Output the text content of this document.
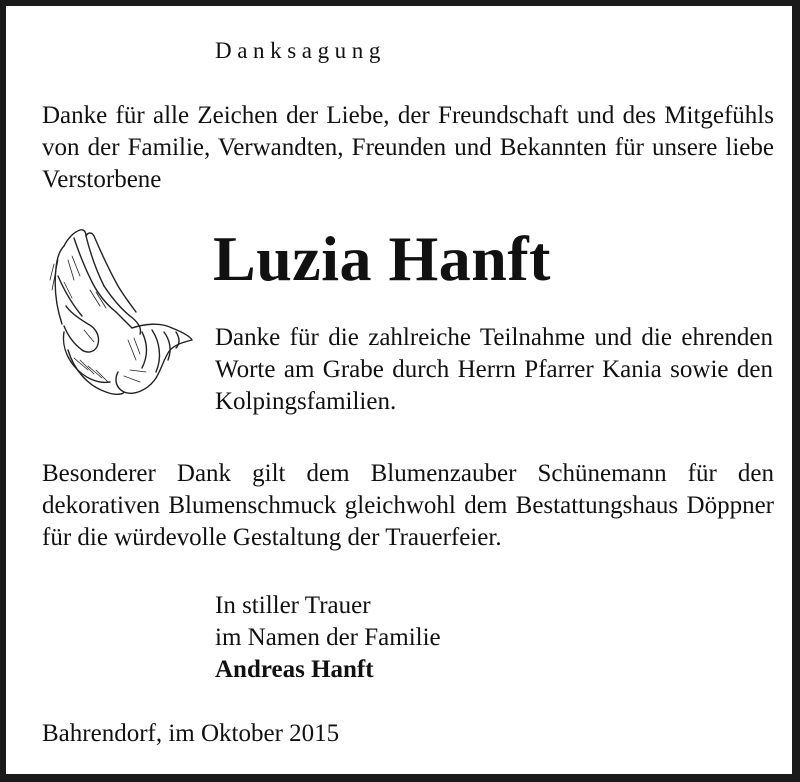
Danksagung
Danke für alle Zeichen der Liebe, der Freundschaft und des Mitgefühls von der Familie, Verwandten, Freunden und Bekannten für unsere liebe Verstorbene
Luzia Hanft
Danke für die zahlreiche Teilnahme und die ehrenden Worte am Grabe durch Herrn Pfarrer Kania sowie den Kolpingsfamilien.
Besonderer Dank gilt dem Blumenzauber Schünemann für den dekorativen Blumenschmuck gleichwohl dem Bestattungshaus Döppner für die würdevolle Gestaltung der Trauerfeier.
In stiller Trauer
im Namen der Familie
Andreas Hanft
Bahrendorf, im Oktober 2015
